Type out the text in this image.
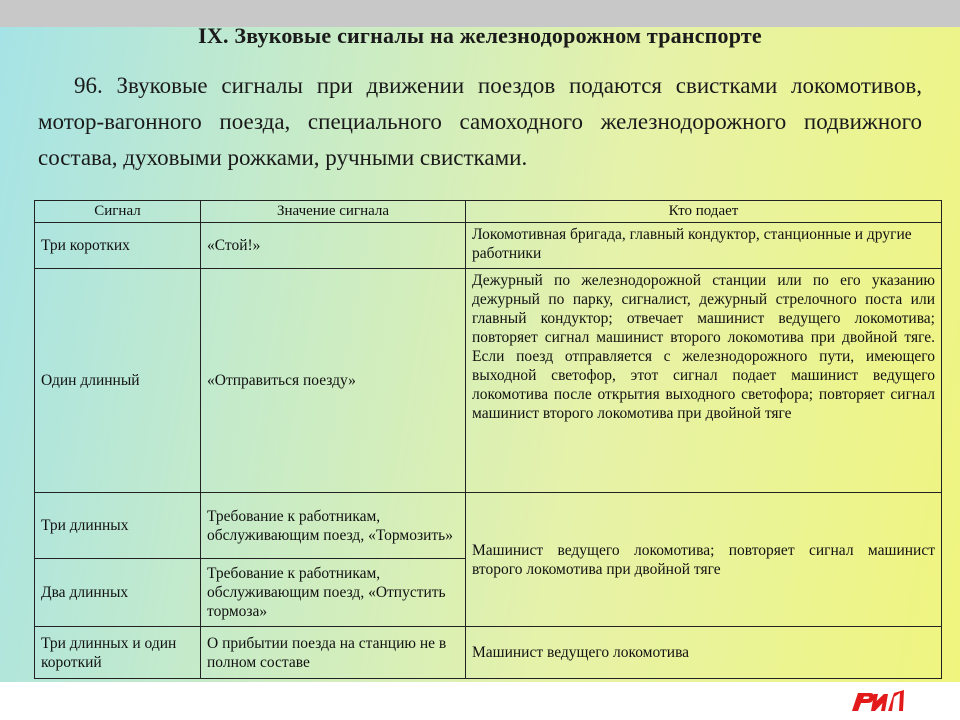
IX. Звуковые сигналы на железнодорожном транспорте
96. Звуковые сигналы при движении поездов подаются свистками локомотивов, мотор-вагонного поезда, специального самоходного железнодорожного подвижного состава, духовыми рожками, ручными свистками.
Сигнал	Значение сигнала	Кто подает
Три коротких	«Стой!»	Локомотивная бригада, главный кондуктор, станционные и другие работники
Один длинный	«Отправиться поезду»	Дежурный по железнодорожной станции или по его указанию дежурный по парку, сигналист, дежурный стрелочного поста или главный кондуктор; отвечает машинист ведущего локомотива; повторяет сигнал машинист второго локомотива при двойной тяге. Если поезд отправляется с железнодорожного пути, имеющего выходной светофор, этот сигнал подает машинист ведущего локомотива после открытия выходного светофора; повторяет сигнал машинист второго локомотива при двойной тяге
Три длинных	Требование к работникам, обслуживающим поезд, «Тормозить»	Машинист ведущего локомотива; повторяет сигнал машинист второго локомотива при двойной тяге
Два длинных	Требование к работникам, обслуживающим поезд, «Отпустить тормоза»	
Три длинных и один короткий	О прибытии поезда на станцию не в полном составе	Машинист ведущего локомотива
